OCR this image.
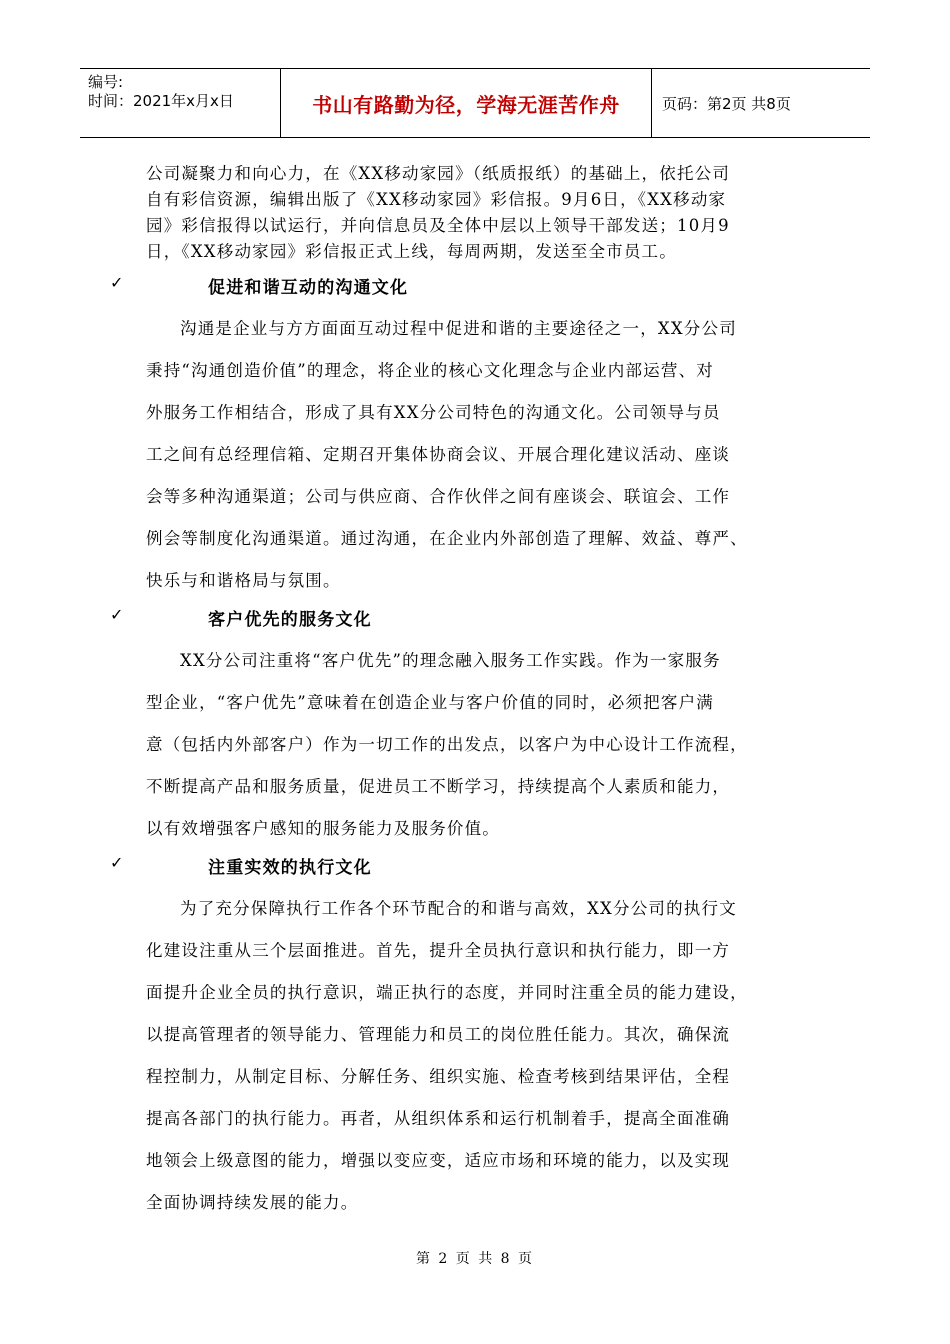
编号:
时间：2021年x月x日	书山有路勤为径，学海无涯苦作舟	页码：第2页 共8页
公司凝聚力和向心力，在《XX移动家园》（纸质报纸）的基础上，依托公司
自有彩信资源，编辑出版了《XX移动家园》彩信报。9月6日，《XX移动家
园》彩信报得以试运行，并向信息员及全体中层以上领导干部发送；10月9
日，《XX移动家园》彩信报正式上线，每周两期，发送至全市员工。
✓	促进和谐互动的沟通文化
沟通是企业与方方面面互动过程中促进和谐的主要途径之一，XX分公司
秉持“沟通创造价值”的理念，将企业的核心文化理念与企业内部运营、对
外服务工作相结合，形成了具有XX分公司特色的沟通文化。公司领导与员
工之间有总经理信箱、定期召开集体协商会议、开展合理化建议活动、座谈
会等多种沟通渠道；公司与供应商、合作伙伴之间有座谈会、联谊会、工作
例会等制度化沟通渠道。通过沟通，在企业内外部创造了理解、效益、尊严、
快乐与和谐格局与氛围。
✓	客户优先的服务文化
XX分公司注重将“客户优先”的理念融入服务工作实践。作为一家服务
型企业，“客户优先”意味着在创造企业与客户价值的同时，必须把客户满
意（包括内外部客户）作为一切工作的出发点，以客户为中心设计工作流程，
不断提高产品和服务质量，促进员工不断学习，持续提高个人素质和能力，
以有效增强客户感知的服务能力及服务价值。
✓	注重实效的执行文化
为了充分保障执行工作各个环节配合的和谐与高效，XX分公司的执行文
化建设注重从三个层面推进。首先，提升全员执行意识和执行能力，即一方
面提升企业全员的执行意识，端正执行的态度，并同时注重全员的能力建设，
以提高管理者的领导能力、管理能力和员工的岗位胜任能力。其次，确保流
程控制力，从制定目标、分解任务、组织实施、检查考核到结果评估，全程
提高各部门的执行能力。再者，从组织体系和运行机制着手，提高全面准确
地领会上级意图的能力，增强以变应变，适应市场和环境的能力，以及实现
全面协调持续发展的能力。
第 2 页 共 8 页
